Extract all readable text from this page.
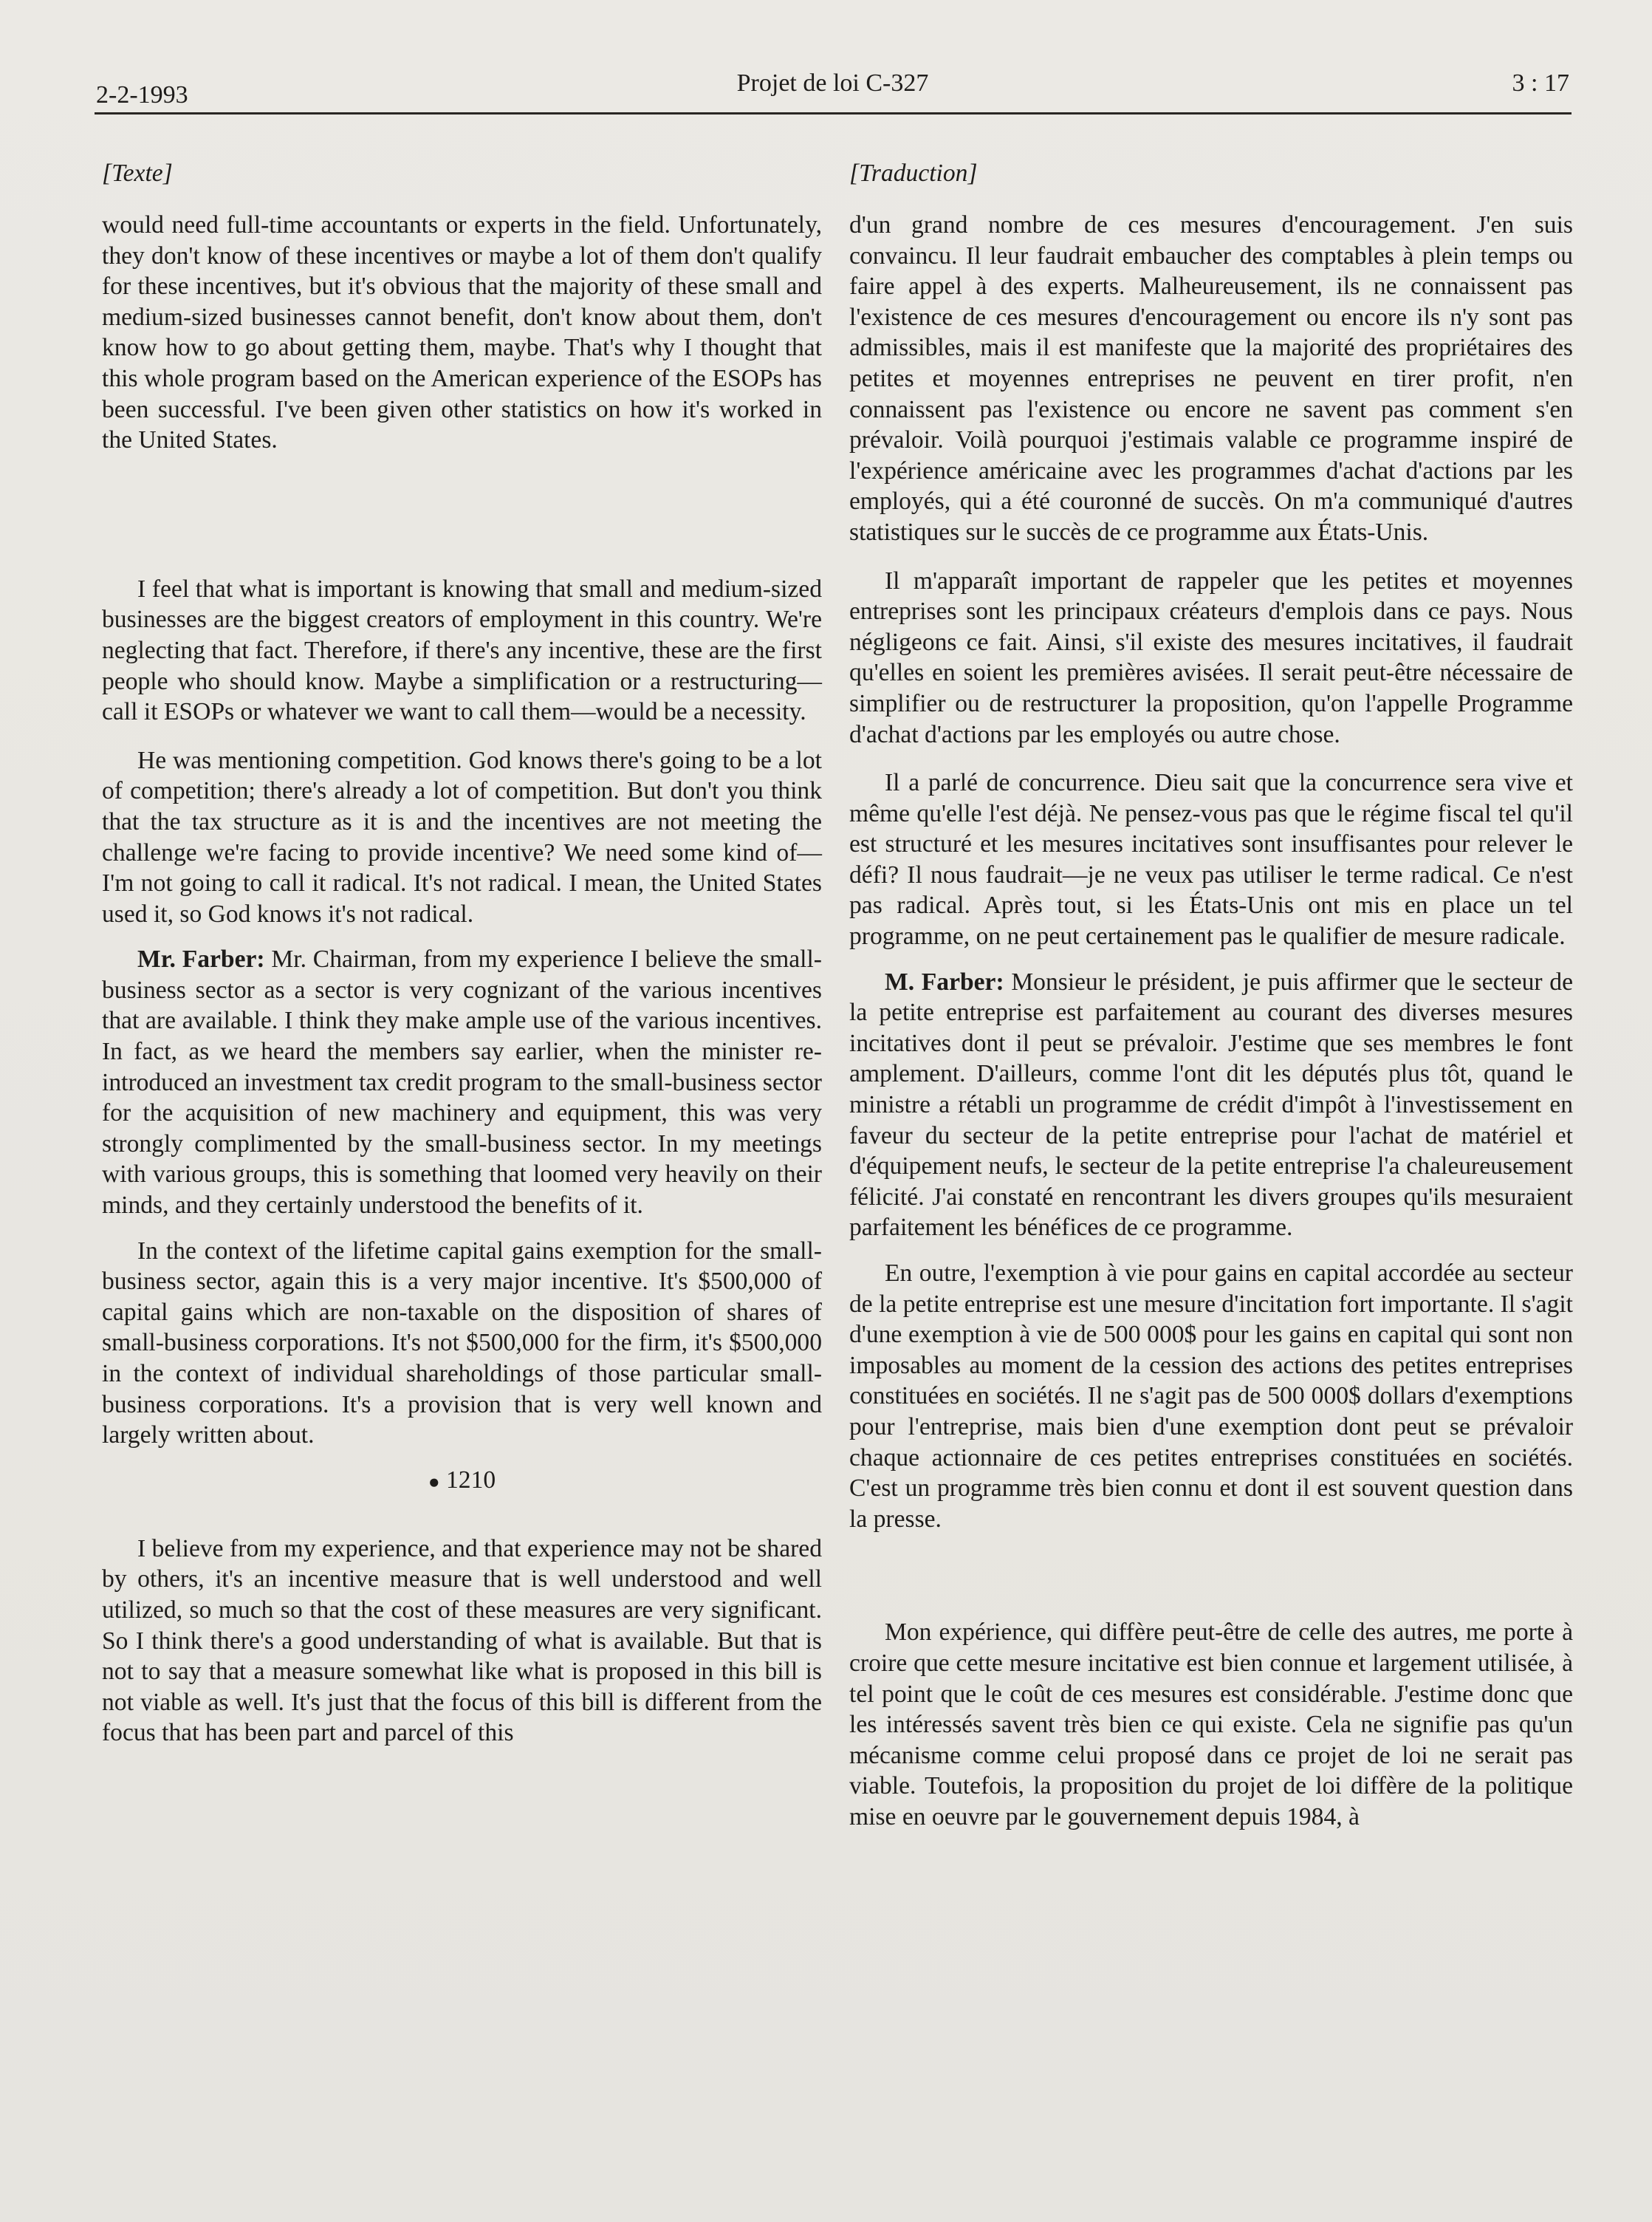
2-2-1993	Projet de loi C-327	3 : 17
[Texte]

would need full-time accountants or experts in the field. Unfortunately, they don't know of these incentives or maybe a lot of them don't qualify for these incentives, but it's obvious that the majority of these small and medium-sized businesses cannot benefit, don't know about them, don't know how to go about getting them, maybe. That's why I thought that this whole program based on the American experience of the ESOPs has been successful. I've been given other statistics on how it's worked in the United States.

I feel that what is important is knowing that small and medium-sized businesses are the biggest creators of employment in this country. We're neglecting that fact. Therefore, if there's any incentive, these are the first people who should know. Maybe a simplification or a restructuring—call it ESOPs or whatever we want to call them—would be a necessity.

He was mentioning competition. God knows there's going to be a lot of competition; there's already a lot of competition. But don't you think that the tax structure as it is and the incentives are not meeting the challenge we're facing to provide incentive? We need some kind of—I'm not going to call it radical. It's not radical. I mean, the United States used it, so God knows it's not radical.

Mr. Farber: Mr. Chairman, from my experience I believe the small-business sector as a sector is very cognizant of the various incentives that are available. I think they make ample use of the various incentives. In fact, as we heard the members say earlier, when the minister re-introduced an investment tax credit program to the small-business sector for the acquisition of new machinery and equipment, this was very strongly complimented by the small-business sector. In my meetings with various groups, this is something that loomed very heavily on their minds, and they certainly understood the benefits of it.

In the context of the lifetime capital gains exemption for the small-business sector, again this is a very major incentive. It's $500,000 of capital gains which are non-taxable on the disposition of shares of small-business corporations. It's not $500,000 for the firm, it's $500,000 in the context of individual shareholdings of those particular small-business corporations. It's a provision that is very well known and largely written about.

● 1210

I believe from my experience, and that experience may not be shared by others, it's an incentive measure that is well understood and well utilized, so much so that the cost of these measures are very significant. So I think there's a good understanding of what is available. But that is not to say that a measure somewhat like what is proposed in this bill is not viable as well. It's just that the focus of this bill is different from the focus that has been part and parcel of this

[Traduction]

d'un grand nombre de ces mesures d'encouragement. J'en suis convaincu. Il leur faudrait embaucher des comptables à plein temps ou faire appel à des experts. Malheureusement, ils ne connaissent pas l'existence de ces mesures d'encouragement ou encore ils n'y sont pas admissibles, mais il est manifeste que la majorité des propriétaires des petites et moyennes entreprises ne peuvent en tirer profit, n'en connaissent pas l'existence ou encore ne savent pas comment s'en prévaloir. Voilà pourquoi j'estimais valable ce programme inspiré de l'expérience américaine avec les programmes d'achat d'actions par les employés, qui a été couronné de succès. On m'a communiqué d'autres statistiques sur le succès de ce programme aux États-Unis.

Il m'apparaît important de rappeler que les petites et moyennes entreprises sont les principaux créateurs d'emplois dans ce pays. Nous négligeons ce fait. Ainsi, s'il existe des mesures incitatives, il faudrait qu'elles en soient les premières avisées. Il serait peut-être nécessaire de simplifier ou de restructurer la proposition, qu'on l'appelle Programme d'achat d'actions par les employés ou autre chose.

Il a parlé de concurrence. Dieu sait que la concurrence sera vive et même qu'elle l'est déjà. Ne pensez-vous pas que le régime fiscal tel qu'il est structuré et les mesures incitatives sont insuffisantes pour relever le défi? Il nous faudrait—je ne veux pas utiliser le terme radical. Ce n'est pas radical. Après tout, si les États-Unis ont mis en place un tel programme, on ne peut certainement pas le qualifier de mesure radicale.

M. Farber: Monsieur le président, je puis affirmer que le secteur de la petite entreprise est parfaitement au courant des diverses mesures incitatives dont il peut se prévaloir. J'estime que ses membres le font amplement. D'ailleurs, comme l'ont dit les députés plus tôt, quand le ministre a rétabli un programme de crédit d'impôt à l'investissement en faveur du secteur de la petite entreprise pour l'achat de matériel et d'équipement neufs, le secteur de la petite entreprise l'a chaleureusement félicité. J'ai constaté en rencontrant les divers groupes qu'ils mesuraient parfaitement les bénéfices de ce programme.

En outre, l'exemption à vie pour gains en capital accordée au secteur de la petite entreprise est une mesure d'incitation fort importante. Il s'agit d'une exemption à vie de 500 000$ pour les gains en capital qui sont non imposables au moment de la cession des actions des petites entreprises constituées en sociétés. Il ne s'agit pas de 500 000$ dollars d'exemptions pour l'entreprise, mais bien d'une exemption dont peut se prévaloir chaque actionnaire de ces petites entreprises constituées en sociétés. C'est un programme très bien connu et dont il est souvent question dans la presse.

Mon expérience, qui diffère peut-être de celle des autres, me porte à croire que cette mesure incitative est bien connue et largement utilisée, à tel point que le coût de ces mesures est considérable. J'estime donc que les intéressés savent très bien ce qui existe. Cela ne signifie pas qu'un mécanisme comme celui proposé dans ce projet de loi ne serait pas viable. Toutefois, la proposition du projet de loi diffère de la politique mise en oeuvre par le gouvernement depuis 1984, à
